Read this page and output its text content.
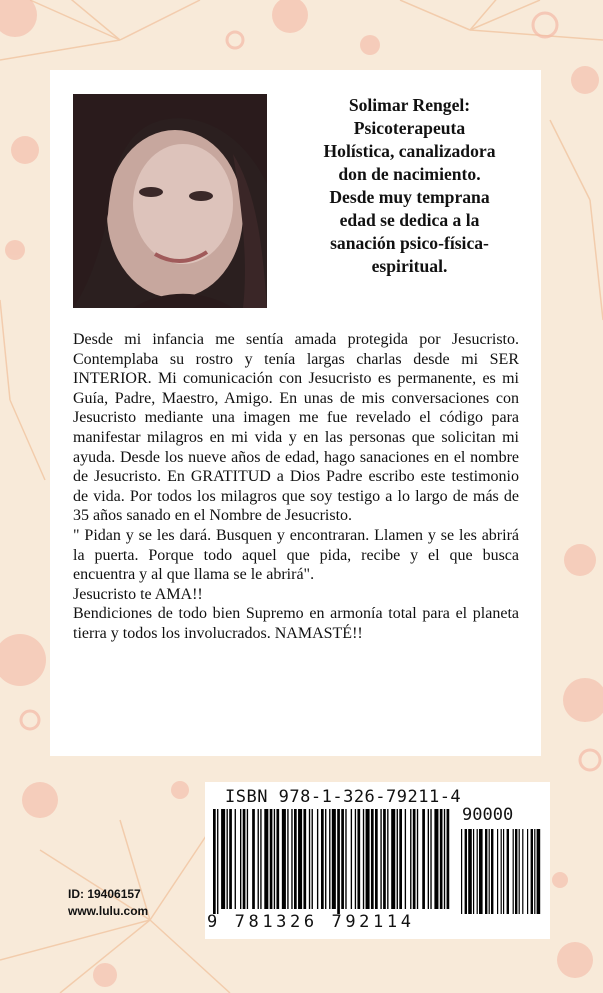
Solimar Rengel:
Psicoterapeuta
Holística, canalizadora
don de nacimiento.
Desde muy temprana
edad se dedica a la
sanación psico-física-
espiritual.

Desde mi infancia me sentía amada protegida por Jesucristo. Contemplaba su rostro y tenía largas charlas desde mi SER INTERIOR. Mi comunicación con Jesucristo es permanente, es mi Guía, Padre, Maestro, Amigo. En unas de mis conversaciones con Jesucristo mediante una imagen me fue revelado el código para manifestar milagros en mi vida y en las personas que solicitan mi ayuda. Desde los nueve años de edad, hago sanaciones en el nombre de Jesucristo. En GRATITUD a Dios Padre escribo este testimonio de vida. Por todos los milagros que soy testigo a lo largo de más de 35 años sanado en el Nombre de Jesucristo.

" Pidan y se les dará. Busquen y encontraran. Llamen y se les abrirá la puerta. Porque todo aquel que pida, recibe y el que busca encuentra y al que llama se le abrirá".

Jesucristo te AMA!!

Bendiciones de todo bien Supremo en armonía total para el planeta tierra y todos los involucrados. NAMASTÉ!!

ISBN 978-1-326-79211-4

90000

9 781326 792114

ID: 19406157

www.lulu.com
